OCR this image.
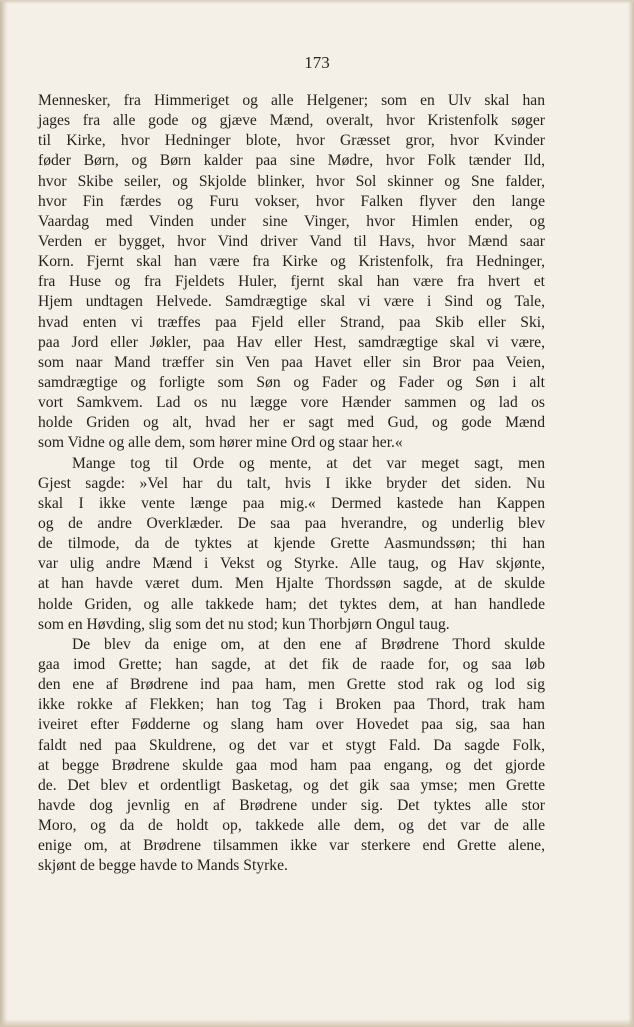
173
Mennesker, fra Himmeriget og alle Helgener; som en Ulv skal han
jages fra alle gode og gjæve Mænd, overalt, hvor Kristenfolk søger
til Kirke, hvor Hedninger blote, hvor Græsset gror, hvor Kvinder
føder Børn, og Børn kalder paa sine Mødre, hvor Folk tænder Ild,
hvor Skibe seiler, og Skjolde blinker, hvor Sol skinner og Sne falder,
hvor Fin færdes og Furu vokser, hvor Falken flyver den lange
Vaardag med Vinden under sine Vinger, hvor Himlen ender, og
Verden er bygget, hvor Vind driver Vand til Havs, hvor Mænd saar
Korn. Fjernt skal han være fra Kirke og Kristenfolk, fra Hedninger,
fra Huse og fra Fjeldets Huler, fjernt skal han være fra hvert et
Hjem undtagen Helvede. Samdrægtige skal vi være i Sind og Tale,
hvad enten vi træffes paa Fjeld eller Strand, paa Skib eller Ski,
paa Jord eller Jøkler, paa Hav eller Hest, samdrægtige skal vi være,
som naar Mand træffer sin Ven paa Havet eller sin Bror paa Veien,
samdrægtige og forligte som Søn og Fader og Fader og Søn i alt
vort Samkvem. Lad os nu lægge vore Hænder sammen og lad os
holde Griden og alt, hvad her er sagt med Gud, og gode Mænd
som Vidne og alle dem, som hører mine Ord og staar her.«
Mange tog til Orde og mente, at det var meget sagt, men
Gjest sagde: »Vel har du talt, hvis I ikke bryder det siden. Nu
skal I ikke vente længe paa mig.« Dermed kastede han Kappen
og de andre Overklæder. De saa paa hverandre, og underlig blev
de tilmode, da de tyktes at kjende Grette Aasmundssøn; thi han
var ulig andre Mænd i Vekst og Styrke. Alle taug, og Hav skjønte,
at han havde været dum. Men Hjalte Thordssøn sagde, at de skulde
holde Griden, og alle takkede ham; det tyktes dem, at han handlede
som en Høvding, slig som det nu stod; kun Thorbjørn Ongul taug.
De blev da enige om, at den ene af Brødrene Thord skulde
gaa imod Grette; han sagde, at det fik de raade for, og saa løb
den ene af Brødrene ind paa ham, men Grette stod rak og lod sig
ikke rokke af Flekken; han tog Tag i Broken paa Thord, trak ham
iveiret efter Fødderne og slang ham over Hovedet paa sig, saa han
faldt ned paa Skuldrene, og det var et stygt Fald. Da sagde Folk,
at begge Brødrene skulde gaa mod ham paa engang, og det gjorde
de. Det blev et ordentligt Basketag, og det gik saa ymse; men Grette
havde dog jevnlig en af Brødrene under sig. Det tyktes alle stor
Moro, og da de holdt op, takkede alle dem, og det var de alle
enige om, at Brødrene tilsammen ikke var sterkere end Grette alene,
skjønt de begge havde to Mands Styrke.
